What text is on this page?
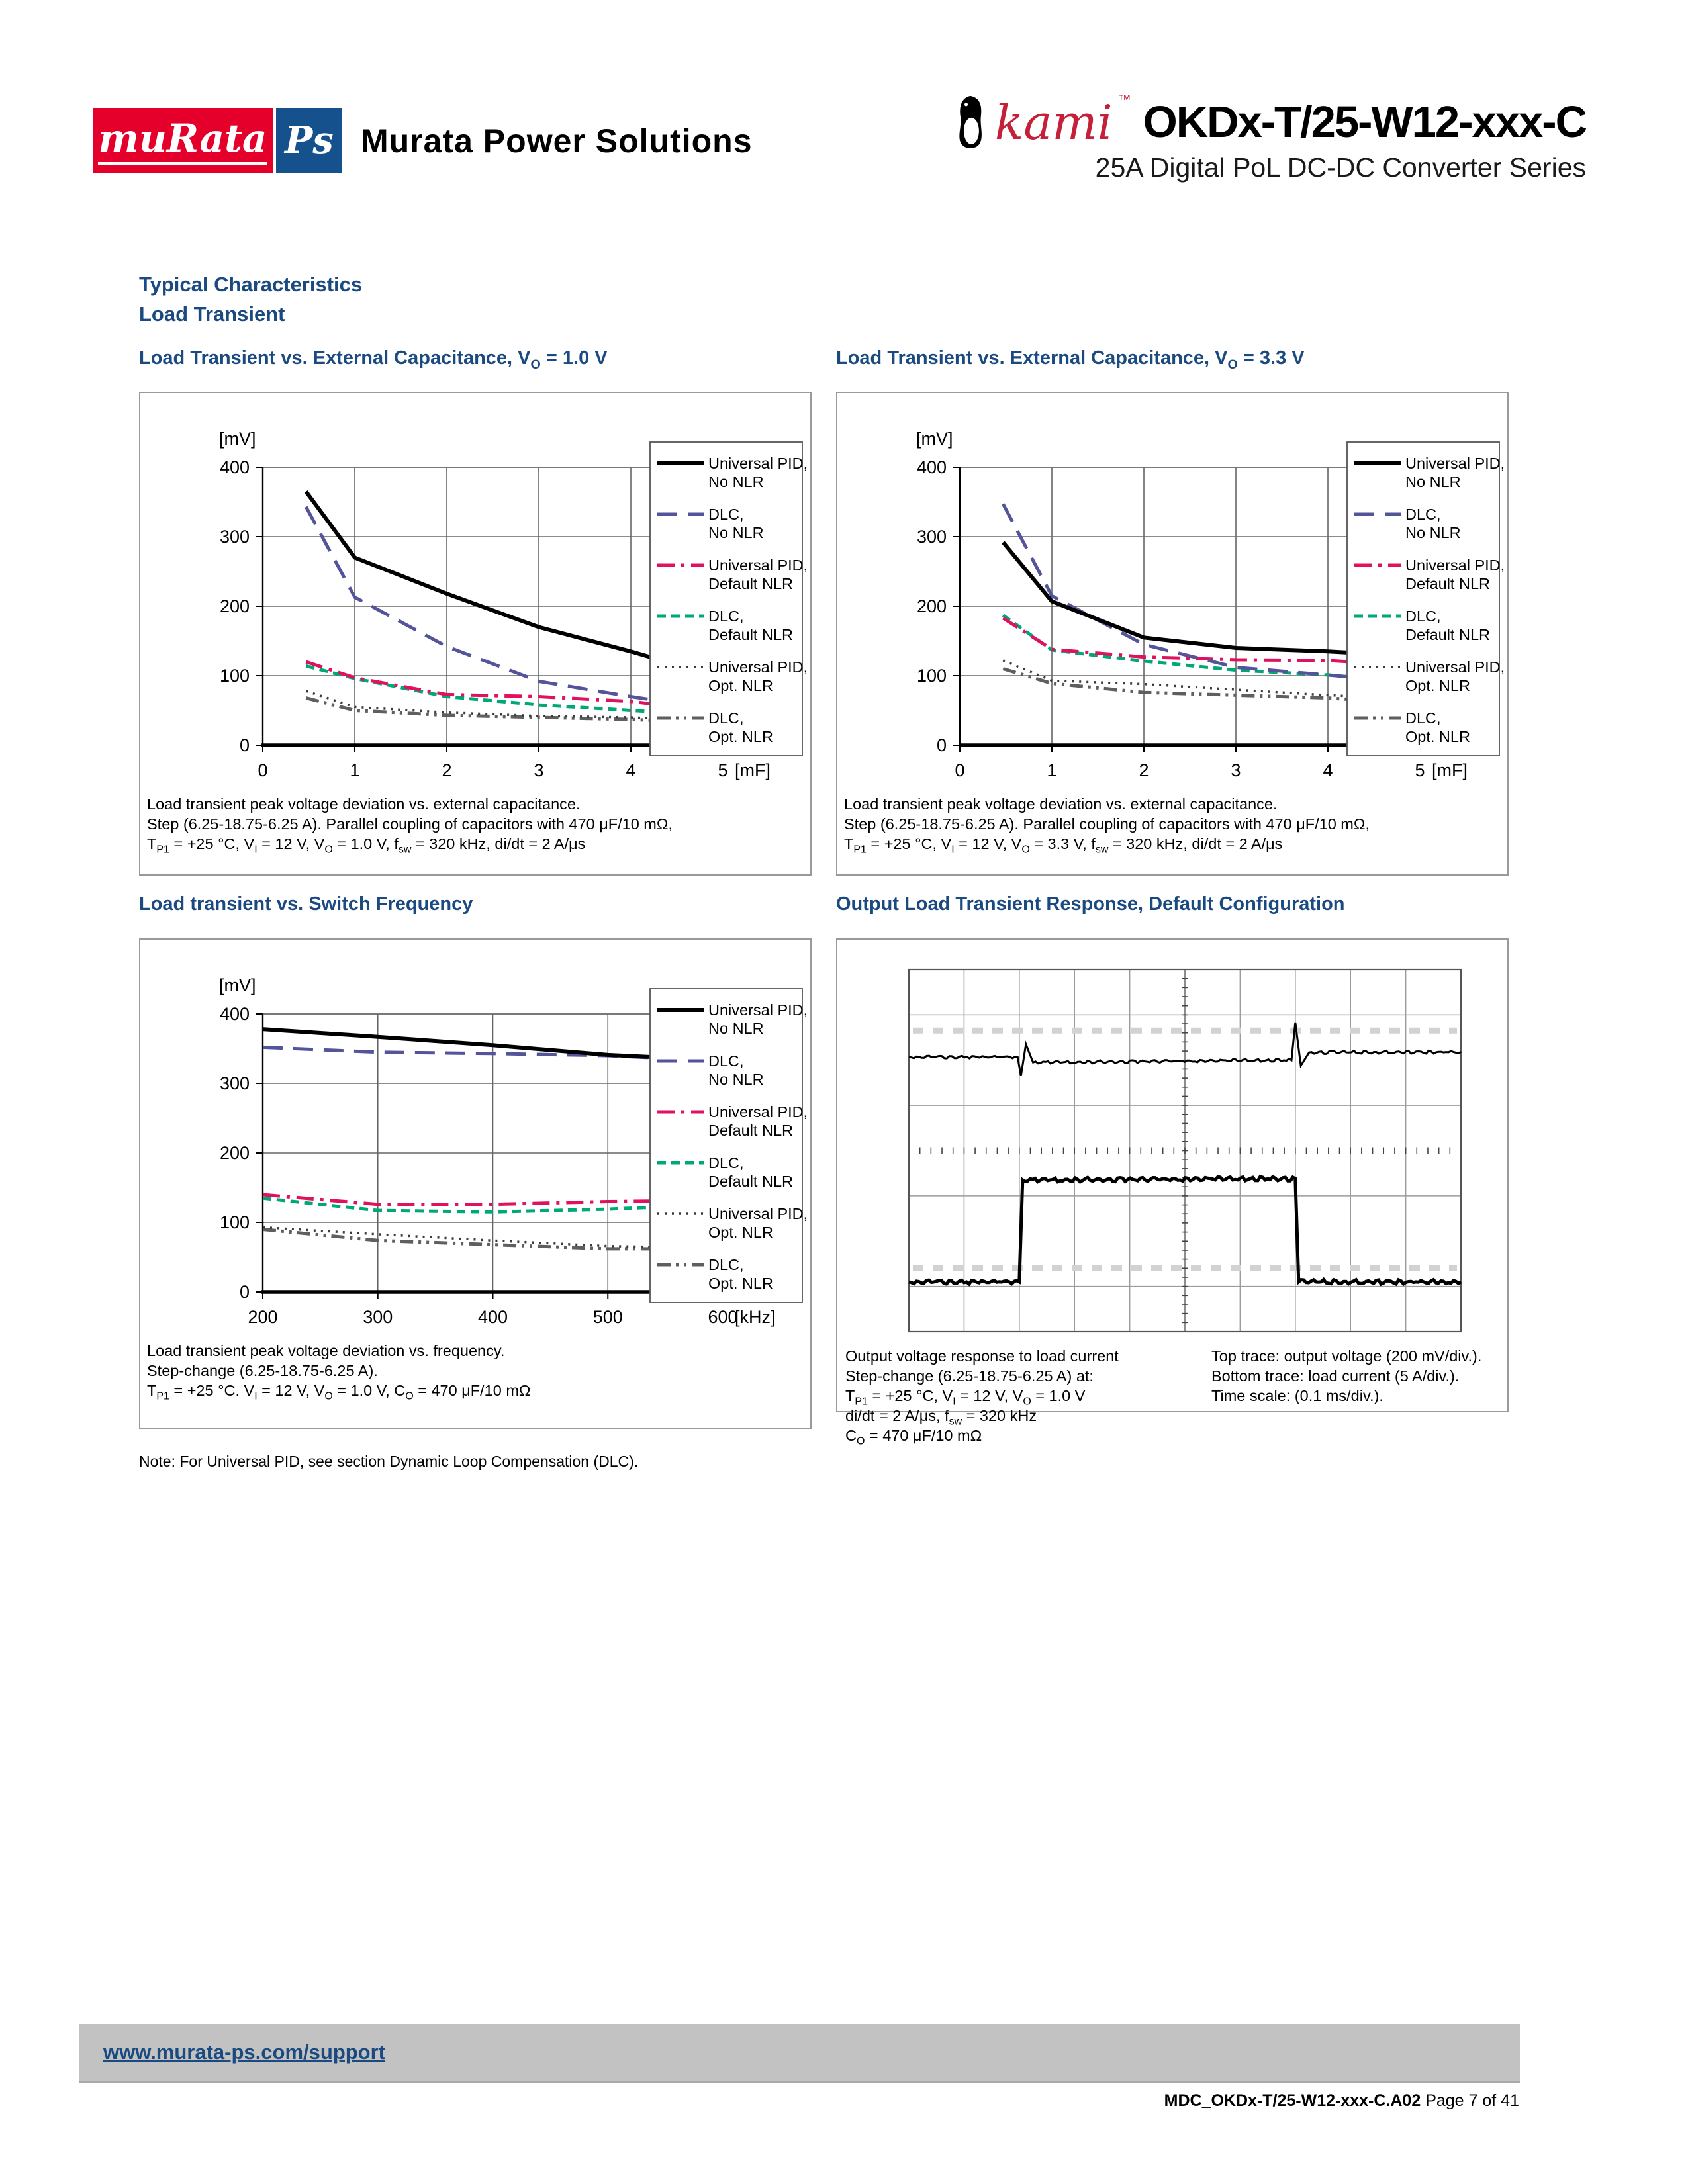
muRata Ps Murata Power Solutions	kami ™ OKDx-T/25-W12-xxx-C
25A Digital PoL DC-DC Converter Series
Typical Characteristics
Load Transient
Load Transient vs. External Capacitance, $V_O = 1.0$ V	Load Transient vs. External Capacitance, $V_O = 3.3$ V
Load transient vs. Switch Frequency	Output Load Transient Response, Default Configuration
0	1	2	3	4	5
0
100
200
300
400
[mF]
[mV]
Universal PID,
No NLR
DLC,
No NLR
Universal PID,
Default NLR
DLC,
Default NLR
Universal PID,
Opt. NLR
DLC,
Opt. NLR
Load transient peak voltage deviation vs. external capacitance.
Step (6.25-18.75-6.25 A). Parallel coupling of capacitors with 470 μF/10 mΩ,
$T_{P1} = +25$ °C, $V_I = 12$ V, $V_O = 1.0$ V, $f_{sw} = 320$ kHz, di/dt = 2 A/μs
0	1	2	3	4	5
0
100
200
300
400
[mF]
[mV]
Universal PID,
No NLR
DLC,
No NLR
Universal PID,
Default NLR
DLC,
Default NLR
Universal PID,
Opt. NLR
DLC,
Opt. NLR
Load transient peak voltage deviation vs. external capacitance.
Step (6.25-18.75-6.25 A). Parallel coupling of capacitors with 470 μF/10 mΩ,
$T_{P1} = +25$ °C, $V_I = 12$ V, $V_O = 3.3$ V, $f_{sw} = 320$ kHz, di/dt = 2 A/μs
200	300	400	500	600
0
100
200
300
400
[kHz]
[mV]
Universal PID,
No NLR
DLC,
No NLR
Universal PID,
Default NLR
DLC,
Default NLR
Universal PID,
Opt. NLR
DLC,
Opt. NLR
Load transient peak voltage deviation vs. frequency.
Step-change (6.25-18.75-6.25 A).
$T_{P1} = +25$ °C. $V_I = 12$ V, $V_O = 1.0$ V, $C_O = 470$ μF/10 mΩ
Output voltage response to load current
Step-change (6.25-18.75-6.25 A) at:
$T_{P1} = +25$ °C, $V_I = 12$ V, $V_O = 1.0$ V
di/dt = 2 A/μs, $f_{sw} = 320$ kHz
$C_O = 470$ μF/10 mΩ
Top trace: output voltage (200 mV/div.).
Bottom trace: load current (5 A/div.).
Time scale: (0.1 ms/div.).

Note: For Universal PID, see section Dynamic Loop Compensation (DLC).

www.murata-ps.com/support
MDC_OKDx-T/25-W12-xxx-C.A02 Page 7 of 41
